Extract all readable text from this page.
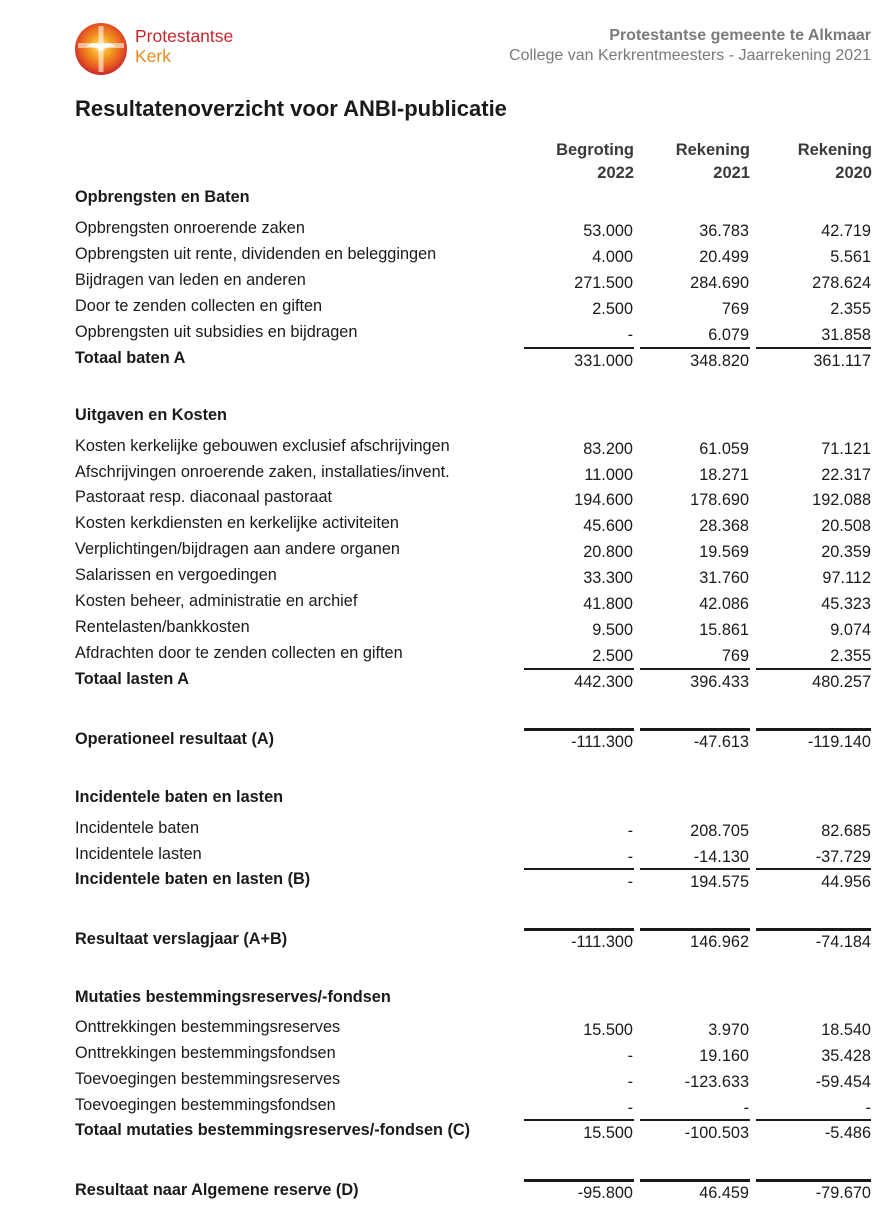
Protestantse
Kerk
Protestantse gemeente te Alkmaar
College van Kerkrentmeesters - Jaarrekening 2021
Resultatenoverzicht voor ANBI-publicatie
Begroting
2022
Rekening
2021
Rekening
2020
Opbrengsten en Baten
Opbrengsten onroerende zaken	53.000	36.783	42.719
Opbrengsten uit rente, dividenden en beleggingen	4.000	20.499	5.561
Bijdragen van leden en anderen	271.500	284.690	278.624
Door te zenden collecten en giften	2.500	769	2.355
Opbrengsten uit subsidies en bijdragen	-	6.079	31.858
Totaal baten A	331.000	348.820	361.117
Uitgaven en Kosten
Kosten kerkelijke gebouwen exclusief afschrijvingen	83.200	61.059	71.121
Afschrijvingen onroerende zaken, installaties/invent.	11.000	18.271	22.317
Pastoraat resp. diaconaal pastoraat	194.600	178.690	192.088
Kosten kerkdiensten en kerkelijke activiteiten	45.600	28.368	20.508
Verplichtingen/bijdragen aan andere organen	20.800	19.569	20.359
Salarissen en vergoedingen	33.300	31.760	97.112
Kosten beheer, administratie en archief	41.800	42.086	45.323
Rentelasten/bankkosten	9.500	15.861	9.074
Afdrachten door te zenden collecten en giften	2.500	769	2.355
Totaal lasten A	442.300	396.433	480.257
Operationeel resultaat (A)	-111.300	-47.613	-119.140
Incidentele baten en lasten
Incidentele baten	-	208.705	82.685
Incidentele lasten	-	-14.130	-37.729
Incidentele baten en lasten (B)	-	194.575	44.956
Resultaat verslagjaar (A+B)	-111.300	146.962	-74.184
Mutaties bestemmingsreserves/-fondsen
Onttrekkingen bestemmingsreserves	15.500	3.970	18.540
Onttrekkingen bestemmingsfondsen	-	19.160	35.428
Toevoegingen bestemmingsreserves	-	-123.633	-59.454
Toevoegingen bestemmingsfondsen	-	-	-
Totaal mutaties bestemmingsreserves/-fondsen (C)	15.500	-100.503	-5.486
Resultaat naar Algemene reserve (D)	-95.800	46.459	-79.670
